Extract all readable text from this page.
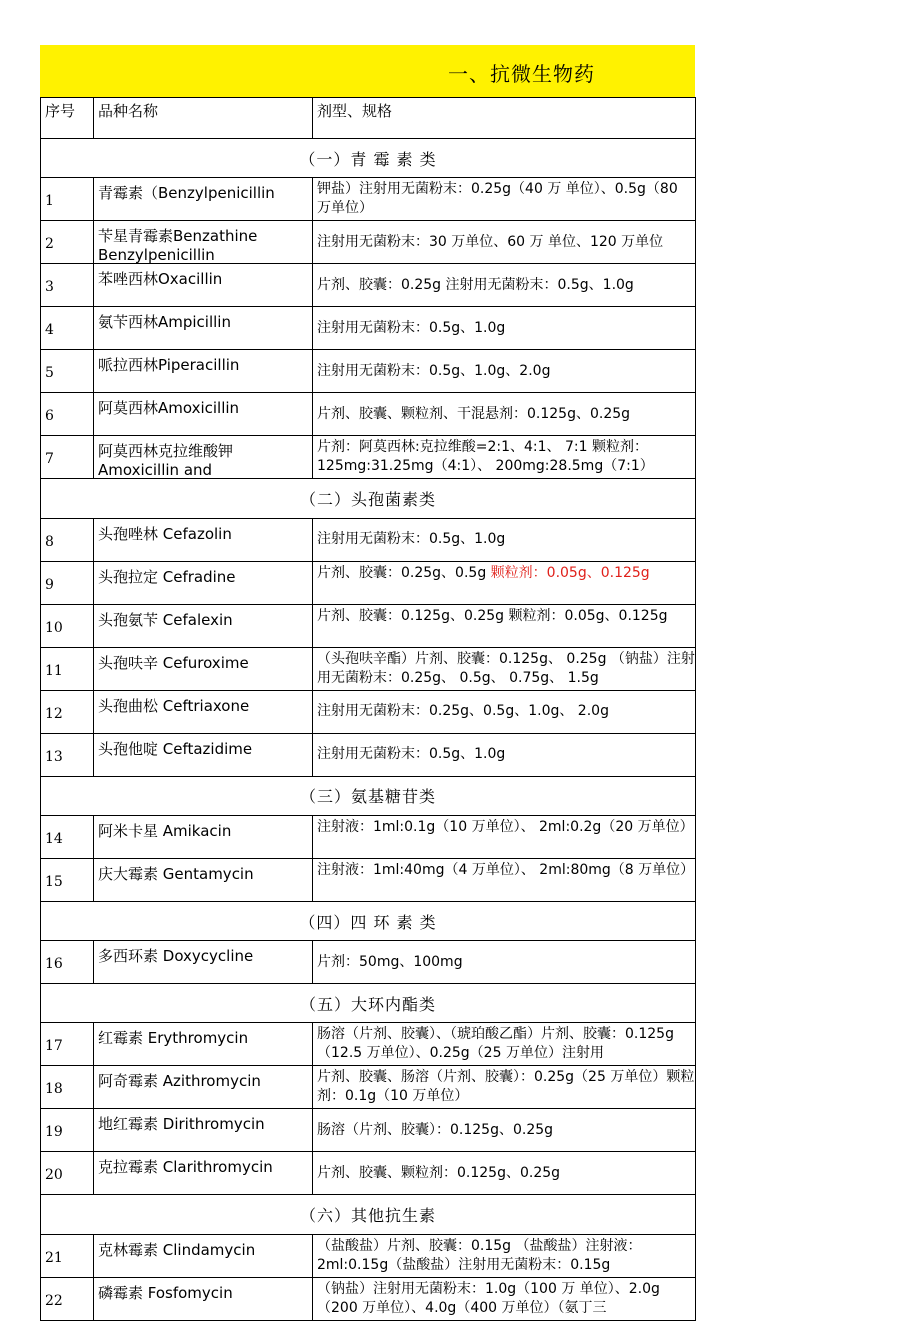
一、抗微生物药
序号	品种名称	剂型、规格
（一）青 霉 素 类		
1	青霉素（Benzylpenicillin	钾盐）注射用无菌粉末：0.25g（40 万 单位）、0.5g（80 万单位）

2	苄星青霉素Benzathine Benzylpenicillin	注射用无菌粉末：30 万单位、60 万 单位、120 万单位

3	苯唑西林Oxacillin	片剂、胶囊：0.25g 注射用无菌粉末：0.5g、1.0g

4	氨苄西林Ampicillin	注射用无菌粉末：0.5g、1.0g

5	哌拉西林Piperacillin	注射用无菌粉末：0.5g、1.0g、2.0g

6	阿莫西林Amoxicillin	片剂、胶囊、颗粒剂、干混悬剂：0.125g、0.25g

7	阿莫西林克拉维酸钾 Amoxicillin and	片剂：阿莫西林:克拉维酸=2:1、4:1、 7:1 颗粒剂：125mg:31.25mg（4:1）、 200mg:28.5mg（7:1）

（二）头孢菌素类		
8	头孢唑林 Cefazolin	注射用无菌粉末：0.5g、1.0g

9	头孢拉定 Cefradine	片剂、胶囊：0.25g、0.5g 颗粒剂：0.05g、0.125g

10	头孢氨苄 Cefalexin	片剂、胶囊：0.125g、0.25g 颗粒剂：0.05g、0.125g

11	头孢呋辛 Cefuroxime	（头孢呋辛酯）片剂、胶囊：0.125g、 0.25g （钠盐）注射用无菌粉末：0.25g、 0.5g、 0.75g、 1.5g

12	头孢曲松 Ceftriaxone	注射用无菌粉末：0.25g、0.5g、1.0g、 2.0g

13	头孢他啶 Ceftazidime	注射用无菌粉末：0.5g、1.0g

（三）氨基糖苷类		
14	阿米卡星 Amikacin	注射液：1ml:0.1g（10 万单位）、 2ml:0.2g（20 万单位）

15	庆大霉素 Gentamycin	注射液：1ml:40mg（4 万单位）、 2ml:80mg（8 万单位）

（四）四 环 素 类		
16	多西环素 Doxycycline	片剂：50mg、100mg

（五）大环内酯类		
17	红霉素 Erythromycin	肠溶（片剂、胶囊）、（琥珀酸乙酯）片剂、胶囊：0.125g（12.5 万单位）、0.25g（25 万单位）注射用

18	阿奇霉素 Azithromycin	片剂、胶囊、肠溶（片剂、胶囊）：0.25g（25 万单位）颗粒剂：0.1g（10 万单位）

19	地红霉素 Dirithromycin	肠溶（片剂、胶囊）：0.125g、0.25g

20	克拉霉素 Clarithromycin	片剂、胶囊、颗粒剂：0.125g、0.25g

（六）其他抗生素		
21	克林霉素 Clindamycin	（盐酸盐）片剂、胶囊：0.15g （盐酸盐）注射液：2ml:0.15g（盐酸盐）注射用无菌粉末：0.15g

22	磷霉素 Fosfomycin	（钠盐）注射用无菌粉末：1.0g（100 万 单位）、2.0g（200 万单位）、4.0g（400 万单位）（氨丁三
